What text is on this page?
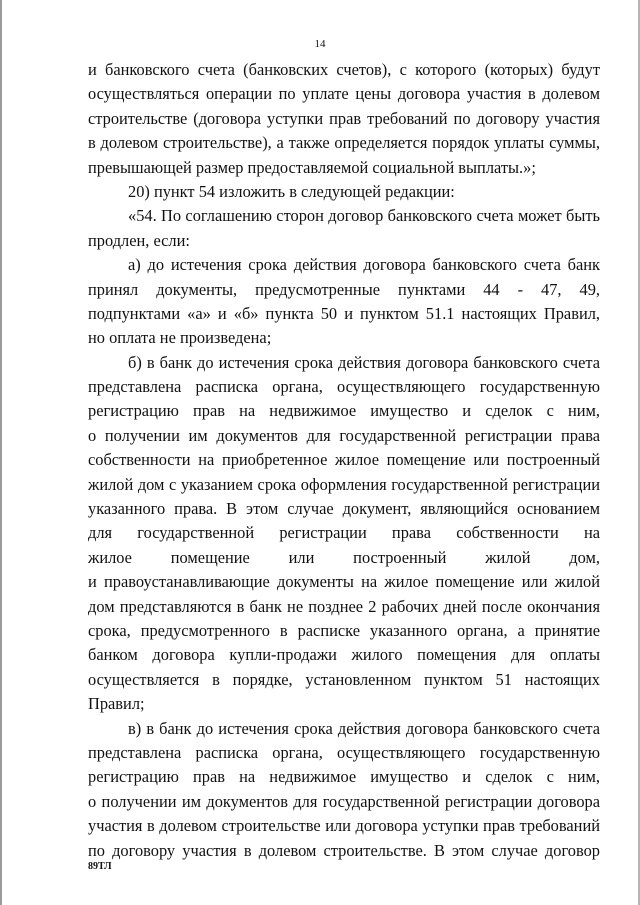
14
и банковского счета (банковских счетов), с которого (которых) будут
осуществляться операции по уплате цены договора участия в долевом
строительстве (договора уступки прав требований по договору участия
в долевом строительстве), а также определяется порядок уплаты суммы,
превышающей размер предоставляемой социальной выплаты.»;
20) пункт 54 изложить в следующей редакции:
«54. По соглашению сторон договор банковского счета может быть
продлен, если:
а) до истечения срока действия договора банковского счета банк
принял документы, предусмотренные пунктами 44 - 47, 49,
подпунктами «а» и «б» пункта 50 и пунктом 51.1 настоящих Правил,
но оплата не произведена;
б) в банк до истечения срока действия договора банковского счета
представлена расписка органа, осуществляющего государственную
регистрацию прав на недвижимое имущество и сделок с ним,
о получении им документов для государственной регистрации права
собственности на приобретенное жилое помещение или построенный
жилой дом с указанием срока оформления государственной регистрации
указанного права. В этом случае документ, являющийся основанием
для государственной регистрации права собственности на
жилое помещение или построенный жилой дом,
и правоустанавливающие документы на жилое помещение или жилой
дом представляются в банк не позднее 2 рабочих дней после окончания
срока, предусмотренного в расписке указанного органа, а принятие
банком договора купли-продажи жилого помещения для оплаты
осуществляется в порядке, установленном пунктом 51 настоящих
Правил;
в) в банк до истечения срока действия договора банковского счета
представлена расписка органа, осуществляющего государственную
регистрацию прав на недвижимое имущество и сделок с ним,
о получении им документов для государственной регистрации договора
участия в долевом строительстве или договора уступки прав требований
по договору участия в долевом строительстве. В этом случае договор
89ТЛ
